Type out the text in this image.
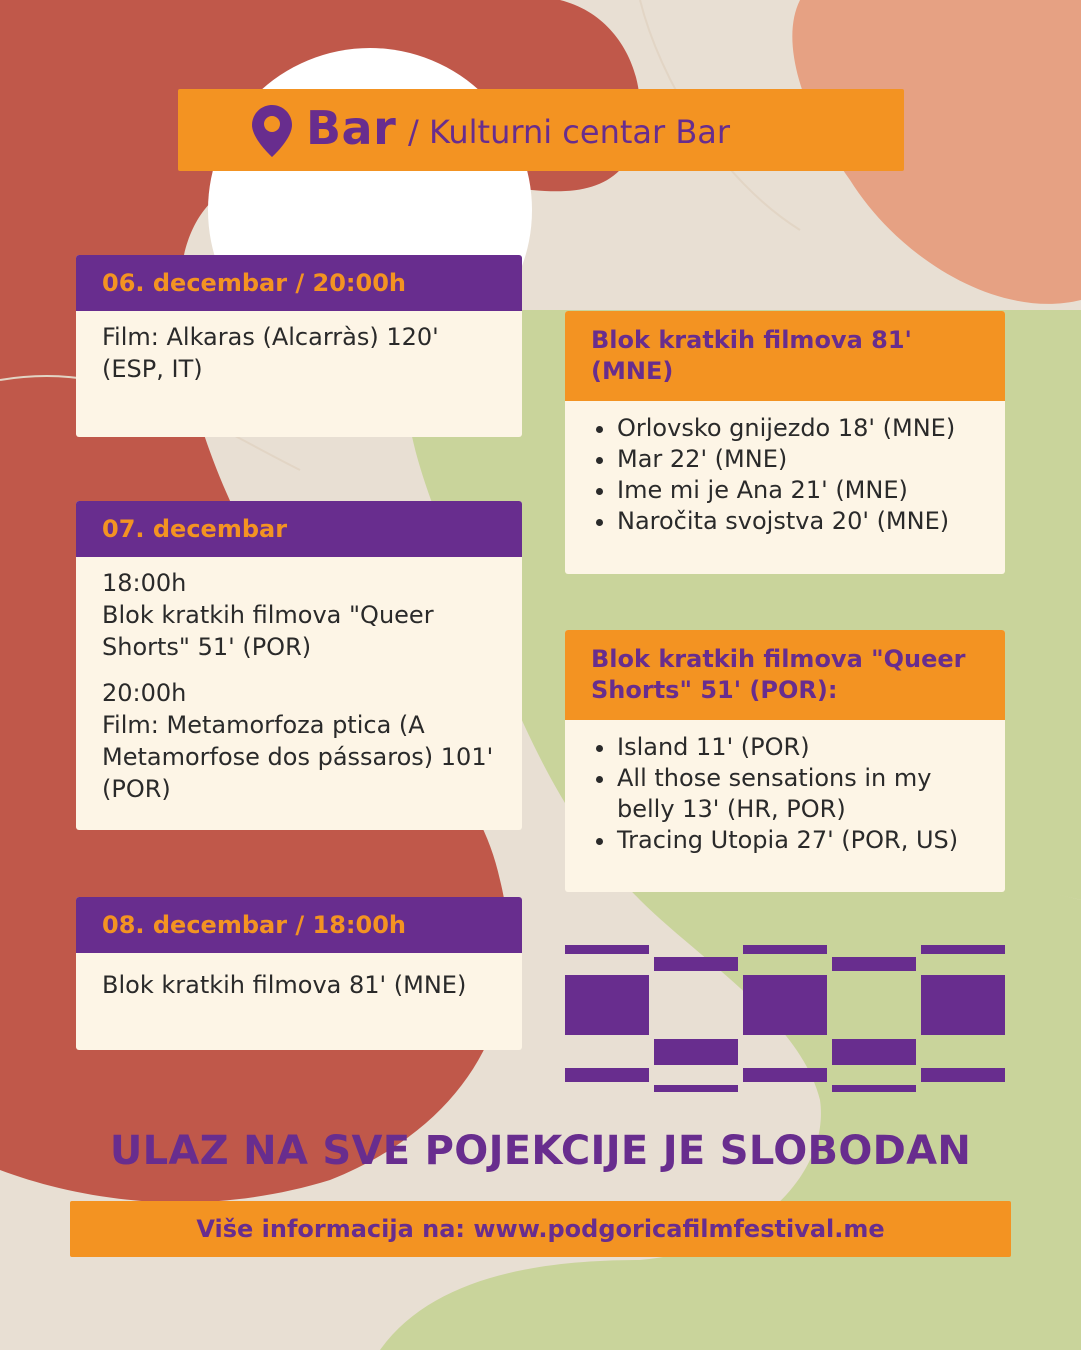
Bar / Kulturni centar Bar
06. decembar / 20:00h
Film: Alkaras (Alcarràs) 120' (ESP, IT)
07. decembar
18:00h
Blok kratkih filmova "Queer Shorts" 51' (POR)
20:00h
Film: Metamorfoza ptica (A Metamorfose dos pássaros) 101' (POR)
08. decembar / 18:00h
Blok kratkih filmova 81' (MNE)
Blok kratkih filmova 81' (MNE)
• Orlovsko gnijezdo 18' (MNE)
• Mar 22' (MNE)
• Ime mi je Ana 21' (MNE)
• Naročita svojstva 20' (MNE)
Blok kratkih filmova "Queer Shorts" 51' (POR):
• Island 11' (POR)
• All those sensations in my belly 13' (HR, POR)
• Tracing Utopia 27' (POR, US)
ULAZ NA SVE POJEKCIJE JE SLOBODAN
Više informacija na: www.podgoricafilmfestival.me
